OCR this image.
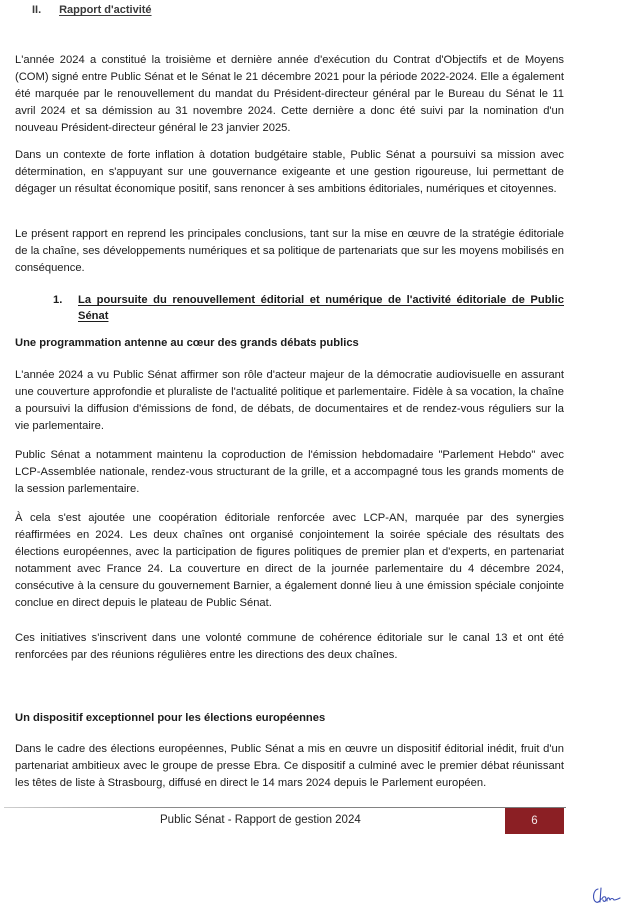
II. Rapport d'activité

L'année 2024 a constitué la troisième et dernière année d'exécution du Contrat d'Objectifs et de Moyens (COM) signé entre Public Sénat et le Sénat le 21 décembre 2021 pour la période 2022-2024. Elle a également été marquée par le renouvellement du mandat du Président-directeur général par le Bureau du Sénat le 11 avril 2024 et sa démission au 31 novembre 2024. Cette dernière a donc été suivi par la nomination d'un nouveau Président-directeur général le 23 janvier 2025.

Dans un contexte de forte inflation à dotation budgétaire stable, Public Sénat a poursuivi sa mission avec détermination, en s'appuyant sur une gouvernance exigeante et une gestion rigoureuse, lui permettant de dégager un résultat économique positif, sans renoncer à ses ambitions éditoriales, numériques et citoyennes.

Le présent rapport en reprend les principales conclusions, tant sur la mise en œuvre de la stratégie éditoriale de la chaîne, ses développements numériques et sa politique de partenariats que sur les moyens mobilisés en conséquence.

1. La poursuite du renouvellement éditorial et numérique de l'activité éditoriale de Public Sénat

Une programmation antenne au cœur des grands débats publics

L'année 2024 a vu Public Sénat affirmer son rôle d'acteur majeur de la démocratie audiovisuelle en assurant une couverture approfondie et pluraliste de l'actualité politique et parlementaire. Fidèle à sa vocation, la chaîne a poursuivi la diffusion d'émissions de fond, de débats, de documentaires et de rendez-vous réguliers sur la vie parlementaire.

Public Sénat a notamment maintenu la coproduction de l'émission hebdomadaire "Parlement Hebdo" avec LCP-Assemblée nationale, rendez-vous structurant de la grille, et a accompagné tous les grands moments de la session parlementaire.

À cela s'est ajoutée une coopération éditoriale renforcée avec LCP-AN, marquée par des synergies réaffirmées en 2024. Les deux chaînes ont organisé conjointement la soirée spéciale des résultats des élections européennes, avec la participation de figures politiques de premier plan et d'experts, en partenariat notamment avec France 24. La couverture en direct de la journée parlementaire du 4 décembre 2024, consécutive à la censure du gouvernement Barnier, a également donné lieu à une émission spéciale conjointe conclue en direct depuis le plateau de Public Sénat.

Ces initiatives s'inscrivent dans une volonté commune de cohérence éditoriale sur le canal 13 et ont été renforcées par des réunions régulières entre les directions des deux chaînes.

Un dispositif exceptionnel pour les élections européennes

Dans le cadre des élections européennes, Public Sénat a mis en œuvre un dispositif éditorial inédit, fruit d'un partenariat ambitieux avec le groupe de presse Ebra. Ce dispositif a culminé avec le premier débat réunissant les têtes de liste à Strasbourg, diffusé en direct le 14 mars 2024 depuis le Parlement européen.

Public Sénat - Rapport de gestion 2024	6
